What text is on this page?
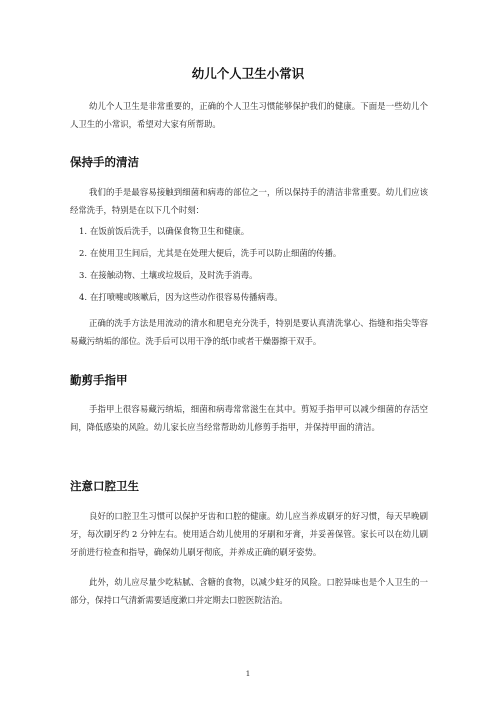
幼儿个人卫生小常识

幼儿个人卫生是非常重要的，正确的个人卫生习惯能够保护我们的健康。下面是一些幼儿个人卫生的小常识，希望对大家有所帮助。

保持手的清洁

我们的手是最容易接触到细菌和病毒的部位之一，所以保持手的清洁非常重要。幼儿们应该经常洗手，特别是在以下几个时刻：

1. 在饭前饭后洗手，以确保食物卫生和健康。
2. 在使用卫生间后，尤其是在处理大便后，洗手可以防止细菌的传播。
3. 在接触动物、土壤或垃圾后，及时洗手消毒。
4. 在打喷嚏或咳嗽后，因为这些动作很容易传播病毒。

正确的洗手方法是用流动的清水和肥皂充分洗手，特别是要认真清洗掌心、指缝和指尖等容易藏污纳垢的部位。洗手后可以用干净的纸巾或者干燥器擦干双手。

勤剪手指甲

手指甲上很容易藏污纳垢，细菌和病毒常常滋生在其中。剪短手指甲可以减少细菌的存活空间，降低感染的风险。幼儿家长应当经常帮助幼儿修剪手指甲，并保持甲面的清洁。

注意口腔卫生

良好的口腔卫生习惯可以保护牙齿和口腔的健康。幼儿应当养成刷牙的好习惯，每天早晚刷牙，每次刷牙约 2 分钟左右。使用适合幼儿使用的牙刷和牙膏，并妥善保管。家长可以在幼儿刷牙前进行检查和指导，确保幼儿刷牙彻底，并养成正确的刷牙姿势。

此外，幼儿应尽量少吃粘腻、含糖的食物，以减少蛀牙的风险。口腔异味也是个人卫生的一部分，保持口气清新需要适度漱口并定期去口腔医院洁治。

1
